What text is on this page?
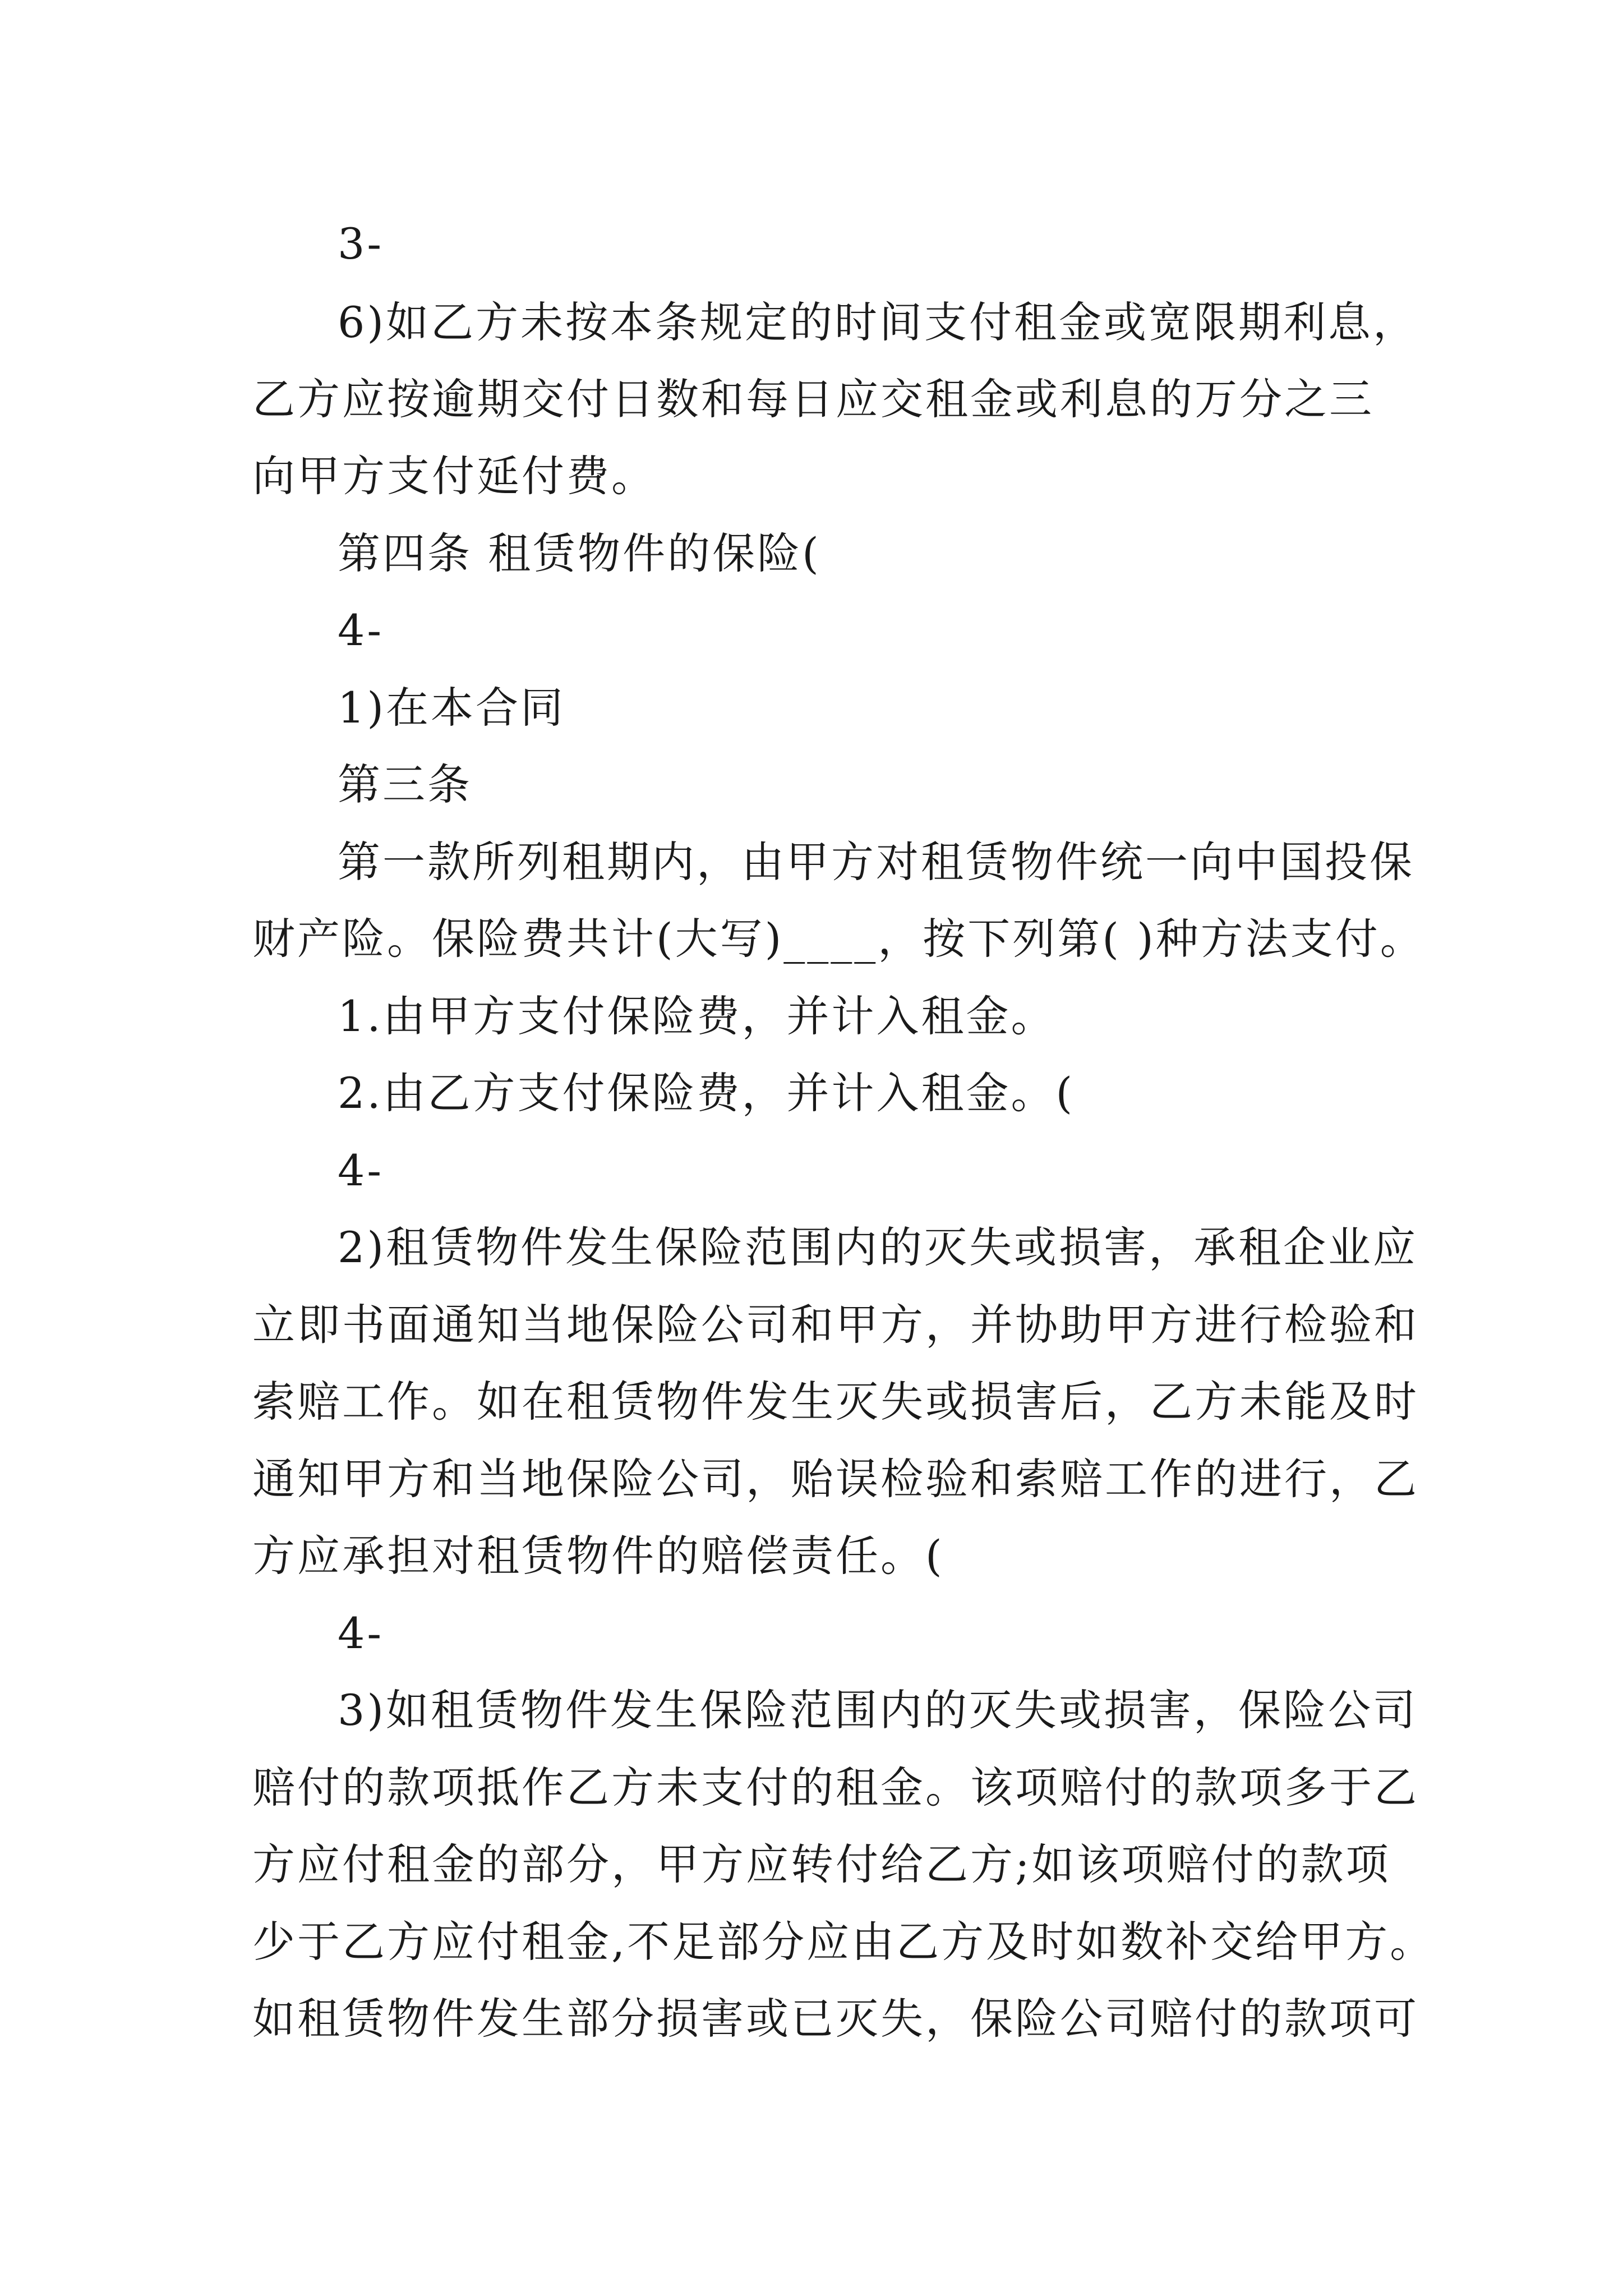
3-
6)如乙方未按本条规定的时间支付租金或宽限期利息，
乙方应按逾期交付日数和每日应交租金或利息的万分之三
向甲方支付延付费。
第四条 租赁物件的保险(
4-
1)在本合同
第三条
第一款所列租期内，由甲方对租赁物件统一向中国投保
财产险。保险费共计(大写)____，按下列第( )种方法支付。
1.由甲方支付保险费，并计入租金。
2.由乙方支付保险费，并计入租金。(
4-
2)租赁物件发生保险范围内的灭失或损害，承租企业应
立即书面通知当地保险公司和甲方，并协助甲方进行检验和
索赔工作。如在租赁物件发生灭失或损害后，乙方未能及时
通知甲方和当地保险公司，贻误检验和索赔工作的进行，乙
方应承担对租赁物件的赔偿责任。(
4-
3)如租赁物件发生保险范围内的灭失或损害，保险公司
赔付的款项抵作乙方未支付的租金。该项赔付的款项多于乙
方应付租金的部分，甲方应转付给乙方;如该项赔付的款项
少于乙方应付租金,不足部分应由乙方及时如数补交给甲方。
如租赁物件发生部分损害或已灭失，保险公司赔付的款项可
